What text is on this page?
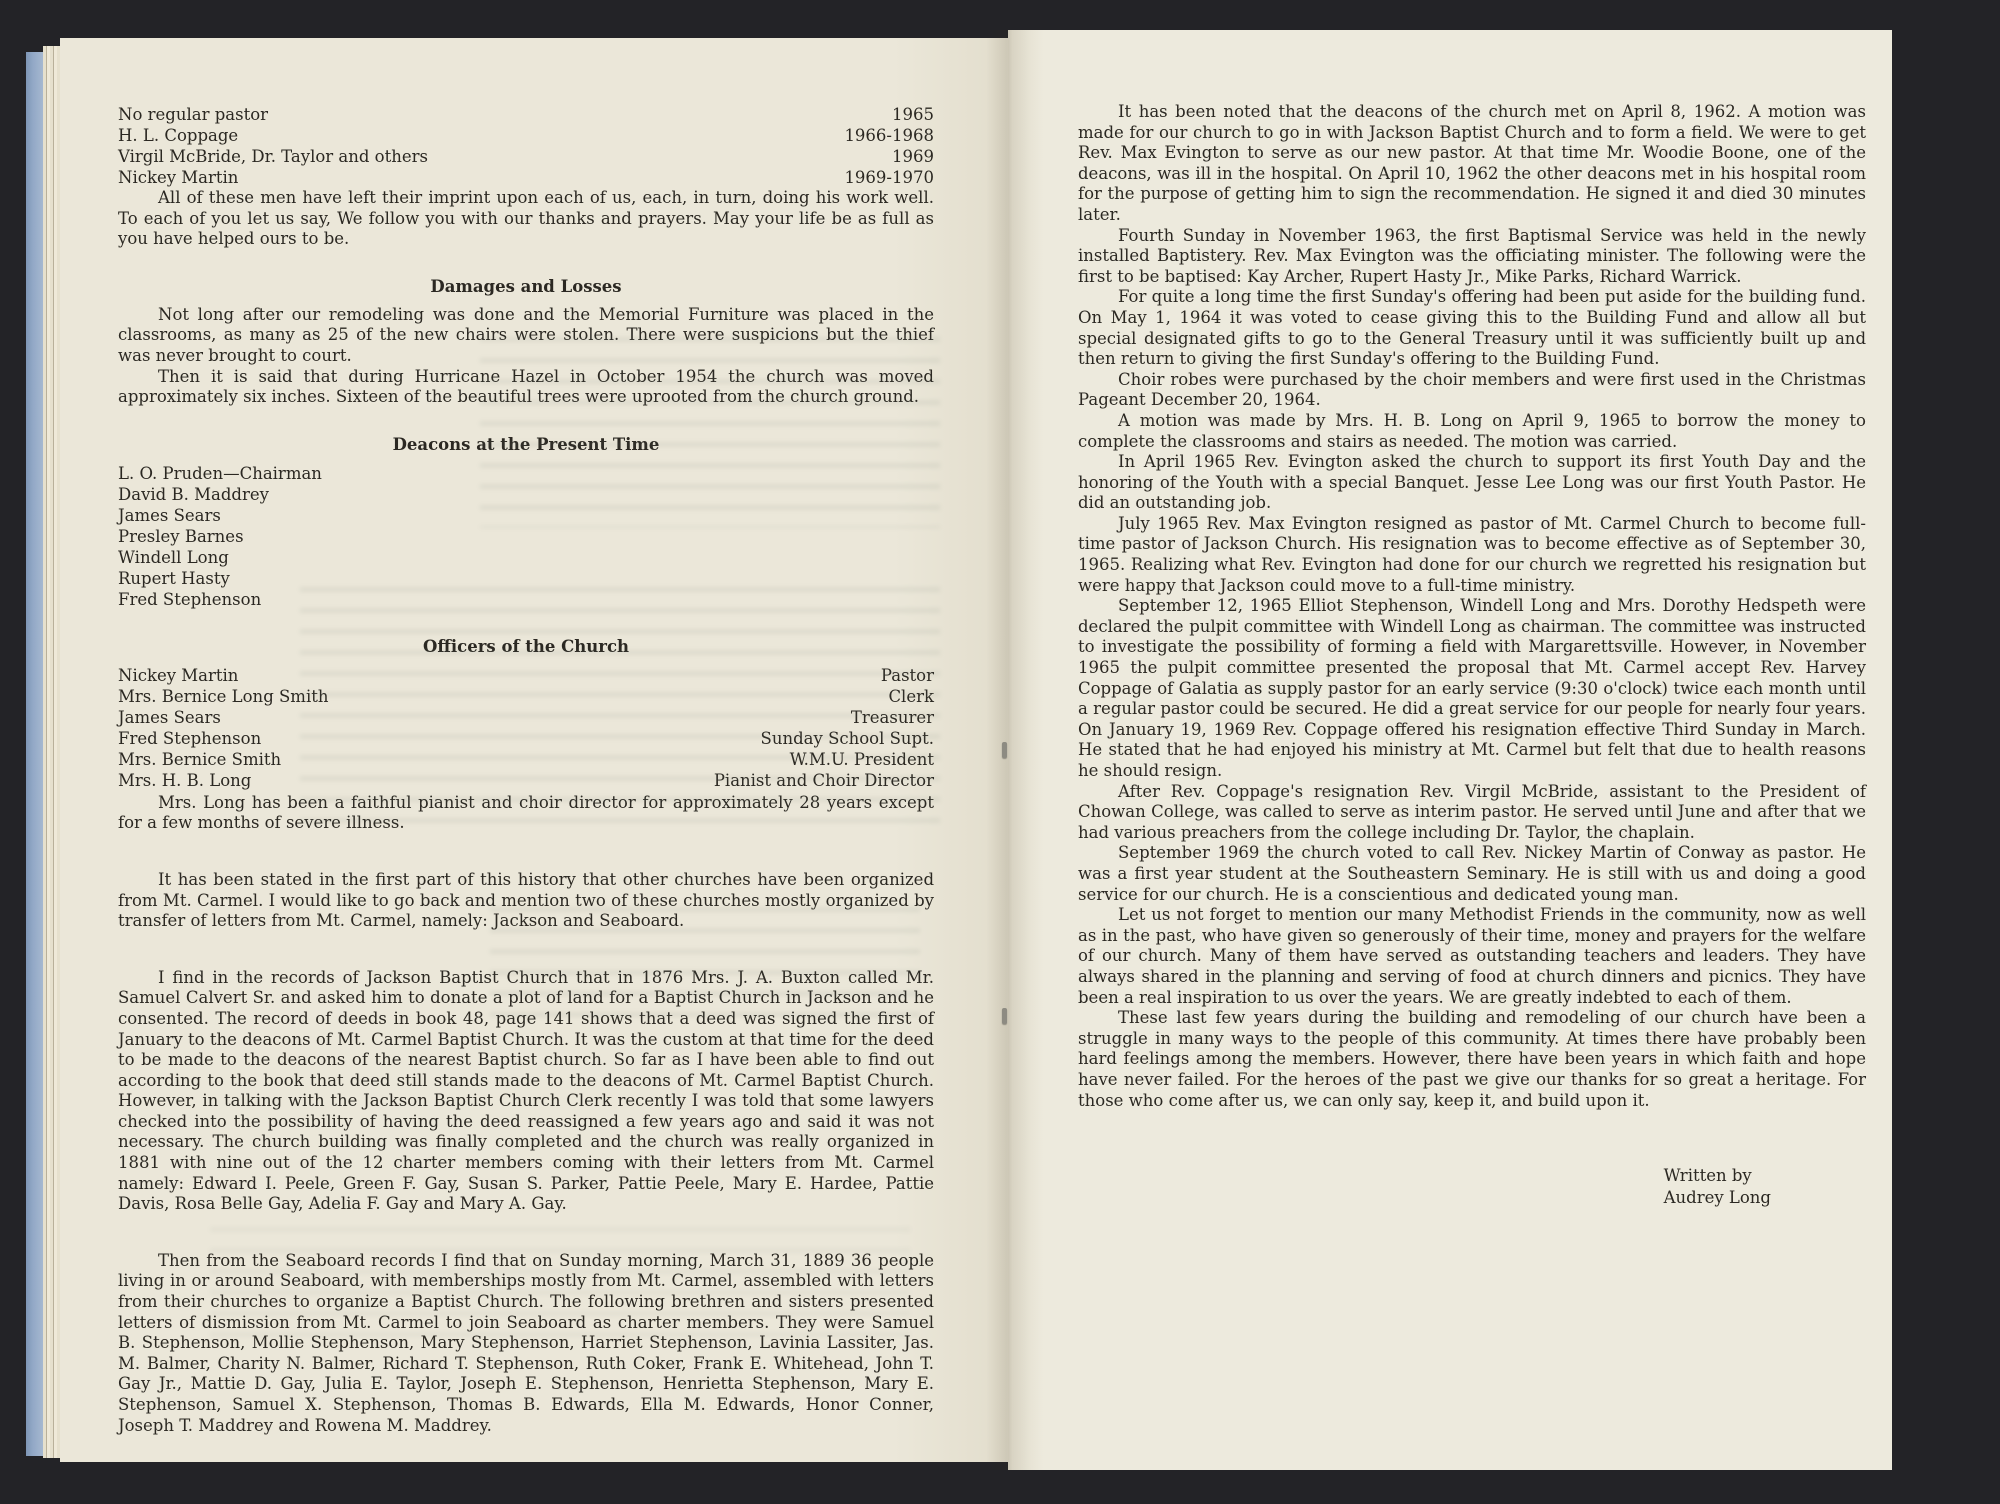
No regular pastor	1965
H. L. Coppage	1966-1968
Virgil McBride, Dr. Taylor and others	1969
Nickey Martin	1969-1970

All of these men have left their imprint upon each of us, each, in turn, doing his work well. To each of you let us say, We follow you with our thanks and prayers. May your life be as full as you have helped ours to be.

Damages and Losses

Not long after our remodeling was done and the Memorial Furniture was placed in the classrooms, as many as 25 of the new chairs were stolen. There were suspicions but the thief was never brought to court.

Then it is said that during Hurricane Hazel in October 1954 the church was moved approximately six inches. Sixteen of the beautiful trees were uprooted from the church ground.

Deacons at the Present Time
L. O. Pruden—Chairman
David B. Maddrey
James Sears
Presley Barnes
Windell Long
Rupert Hasty
Fred Stephenson
Officers of the Church
Nickey Martin	Pastor
Mrs. Bernice Long Smith	Clerk
James Sears	Treasurer
Fred Stephenson	Sunday School Supt.
Mrs. Bernice Smith	W.M.U. President
Mrs. H. B. Long	Pianist and Choir Director

Mrs. Long has been a faithful pianist and choir director for approximately 28 years except for a few months of severe illness.

It has been stated in the first part of this history that other churches have been organized from Mt. Carmel. I would like to go back and mention two of these churches mostly organized by transfer of letters from Mt. Carmel, namely: Jackson and Seaboard.

I find in the records of Jackson Baptist Church that in 1876 Mrs. J. A. Buxton called Mr. Samuel Calvert Sr. and asked him to donate a plot of land for a Baptist Church in Jackson and he consented. The record of deeds in book 48, page 141 shows that a deed was signed the first of January to the deacons of Mt. Carmel Baptist Church. It was the custom at that time for the deed to be made to the deacons of the nearest Baptist church. So far as I have been able to find out according to the book that deed still stands made to the deacons of Mt. Carmel Baptist Church. However, in talking with the Jackson Baptist Church Clerk recently I was told that some lawyers checked into the possibility of having the deed reassigned a few years ago and said it was not necessary. The church building was finally completed and the church was really organized in 1881 with nine out of the 12 charter members coming with their letters from Mt. Carmel namely: Edward I. Peele, Green F. Gay, Susan S. Parker, Pattie Peele, Mary E. Hardee, Pattie Davis, Rosa Belle Gay, Adelia F. Gay and Mary A. Gay.

Then from the Seaboard records I find that on Sunday morning, March 31, 1889 36 people living in or around Seaboard, with memberships mostly from Mt. Carmel, assembled with letters from their churches to organize a Baptist Church. The following brethren and sisters presented letters of dismission from Mt. Carmel to join Seaboard as charter members. They were Samuel B. Stephenson, Mollie Stephenson, Mary Stephenson, Harriet Stephenson, Lavinia Lassiter, Jas. M. Balmer, Charity N. Balmer, Richard T. Stephenson, Ruth Coker, Frank E. Whitehead, John T. Gay Jr., Mattie D. Gay, Julia E. Taylor, Joseph E. Stephenson, Henrietta Stephenson, Mary E. Stephenson, Samuel X. Stephenson, Thomas B. Edwards, Ella M. Edwards, Honor Conner, Joseph T. Maddrey and Rowena M. Maddrey.

It has been noted that the deacons of the church met on April 8, 1962. A motion was made for our church to go in with Jackson Baptist Church and to form a field. We were to get Rev. Max Evington to serve as our new pastor. At that time Mr. Woodie Boone, one of the deacons, was ill in the hospital. On April 10, 1962 the other deacons met in his hospital room for the purpose of getting him to sign the recommendation. He signed it and died 30 minutes later.

Fourth Sunday in November 1963, the first Baptismal Service was held in the newly installed Baptistery. Rev. Max Evington was the officiating minister. The following were the first to be baptised: Kay Archer, Rupert Hasty Jr., Mike Parks, Richard Warrick.

For quite a long time the first Sunday's offering had been put aside for the building fund. On May 1, 1964 it was voted to cease giving this to the Building Fund and allow all but special designated gifts to go to the General Treasury until it was sufficiently built up and then return to giving the first Sunday's offering to the Building Fund.

Choir robes were purchased by the choir members and were first used in the Christmas Pageant December 20, 1964.

A motion was made by Mrs. H. B. Long on April 9, 1965 to borrow the money to complete the classrooms and stairs as needed. The motion was carried.

In April 1965 Rev. Evington asked the church to support its first Youth Day and the honoring of the Youth with a special Banquet. Jesse Lee Long was our first Youth Pastor. He did an outstanding job.

July 1965 Rev. Max Evington resigned as pastor of Mt. Carmel Church to become full-time pastor of Jackson Church. His resignation was to become effective as of September 30, 1965. Realizing what Rev. Evington had done for our church we regretted his resignation but were happy that Jackson could move to a full-time ministry.

September 12, 1965 Elliot Stephenson, Windell Long and Mrs. Dorothy Hedspeth were declared the pulpit committee with Windell Long as chairman. The committee was instructed to investigate the possibility of forming a field with Margarettsville. However, in November 1965 the pulpit committee presented the proposal that Mt. Carmel accept Rev. Harvey Coppage of Galatia as supply pastor for an early service (9:30 o'clock) twice each month until a regular pastor could be secured. He did a great service for our people for nearly four years. On January 19, 1969 Rev. Coppage offered his resignation effective Third Sunday in March. He stated that he had enjoyed his ministry at Mt. Carmel but felt that due to health reasons he should resign.

After Rev. Coppage's resignation Rev. Virgil McBride, assistant to the President of Chowan College, was called to serve as interim pastor. He served until June and after that we had various preachers from the college including Dr. Taylor, the chaplain.

September 1969 the church voted to call Rev. Nickey Martin of Conway as pastor. He was a first year student at the Southeastern Seminary. He is still with us and doing a good service for our church. He is a conscientious and dedicated young man.

Let us not forget to mention our many Methodist Friends in the community, now as well as in the past, who have given so generously of their time, money and prayers for the welfare of our church. Many of them have served as outstanding teachers and leaders. They have always shared in the planning and serving of food at church dinners and picnics. They have been a real inspiration to us over the years. We are greatly indebted to each of them.

These last few years during the building and remodeling of our church have been a struggle in many ways to the people of this community. At times there have probably been hard feelings among the members. However, there have been years in which faith and hope have never failed. For the heroes of the past we give our thanks for so great a heritage. For those who come after us, we can only say, keep it, and build upon it.

Written by
Audrey Long
